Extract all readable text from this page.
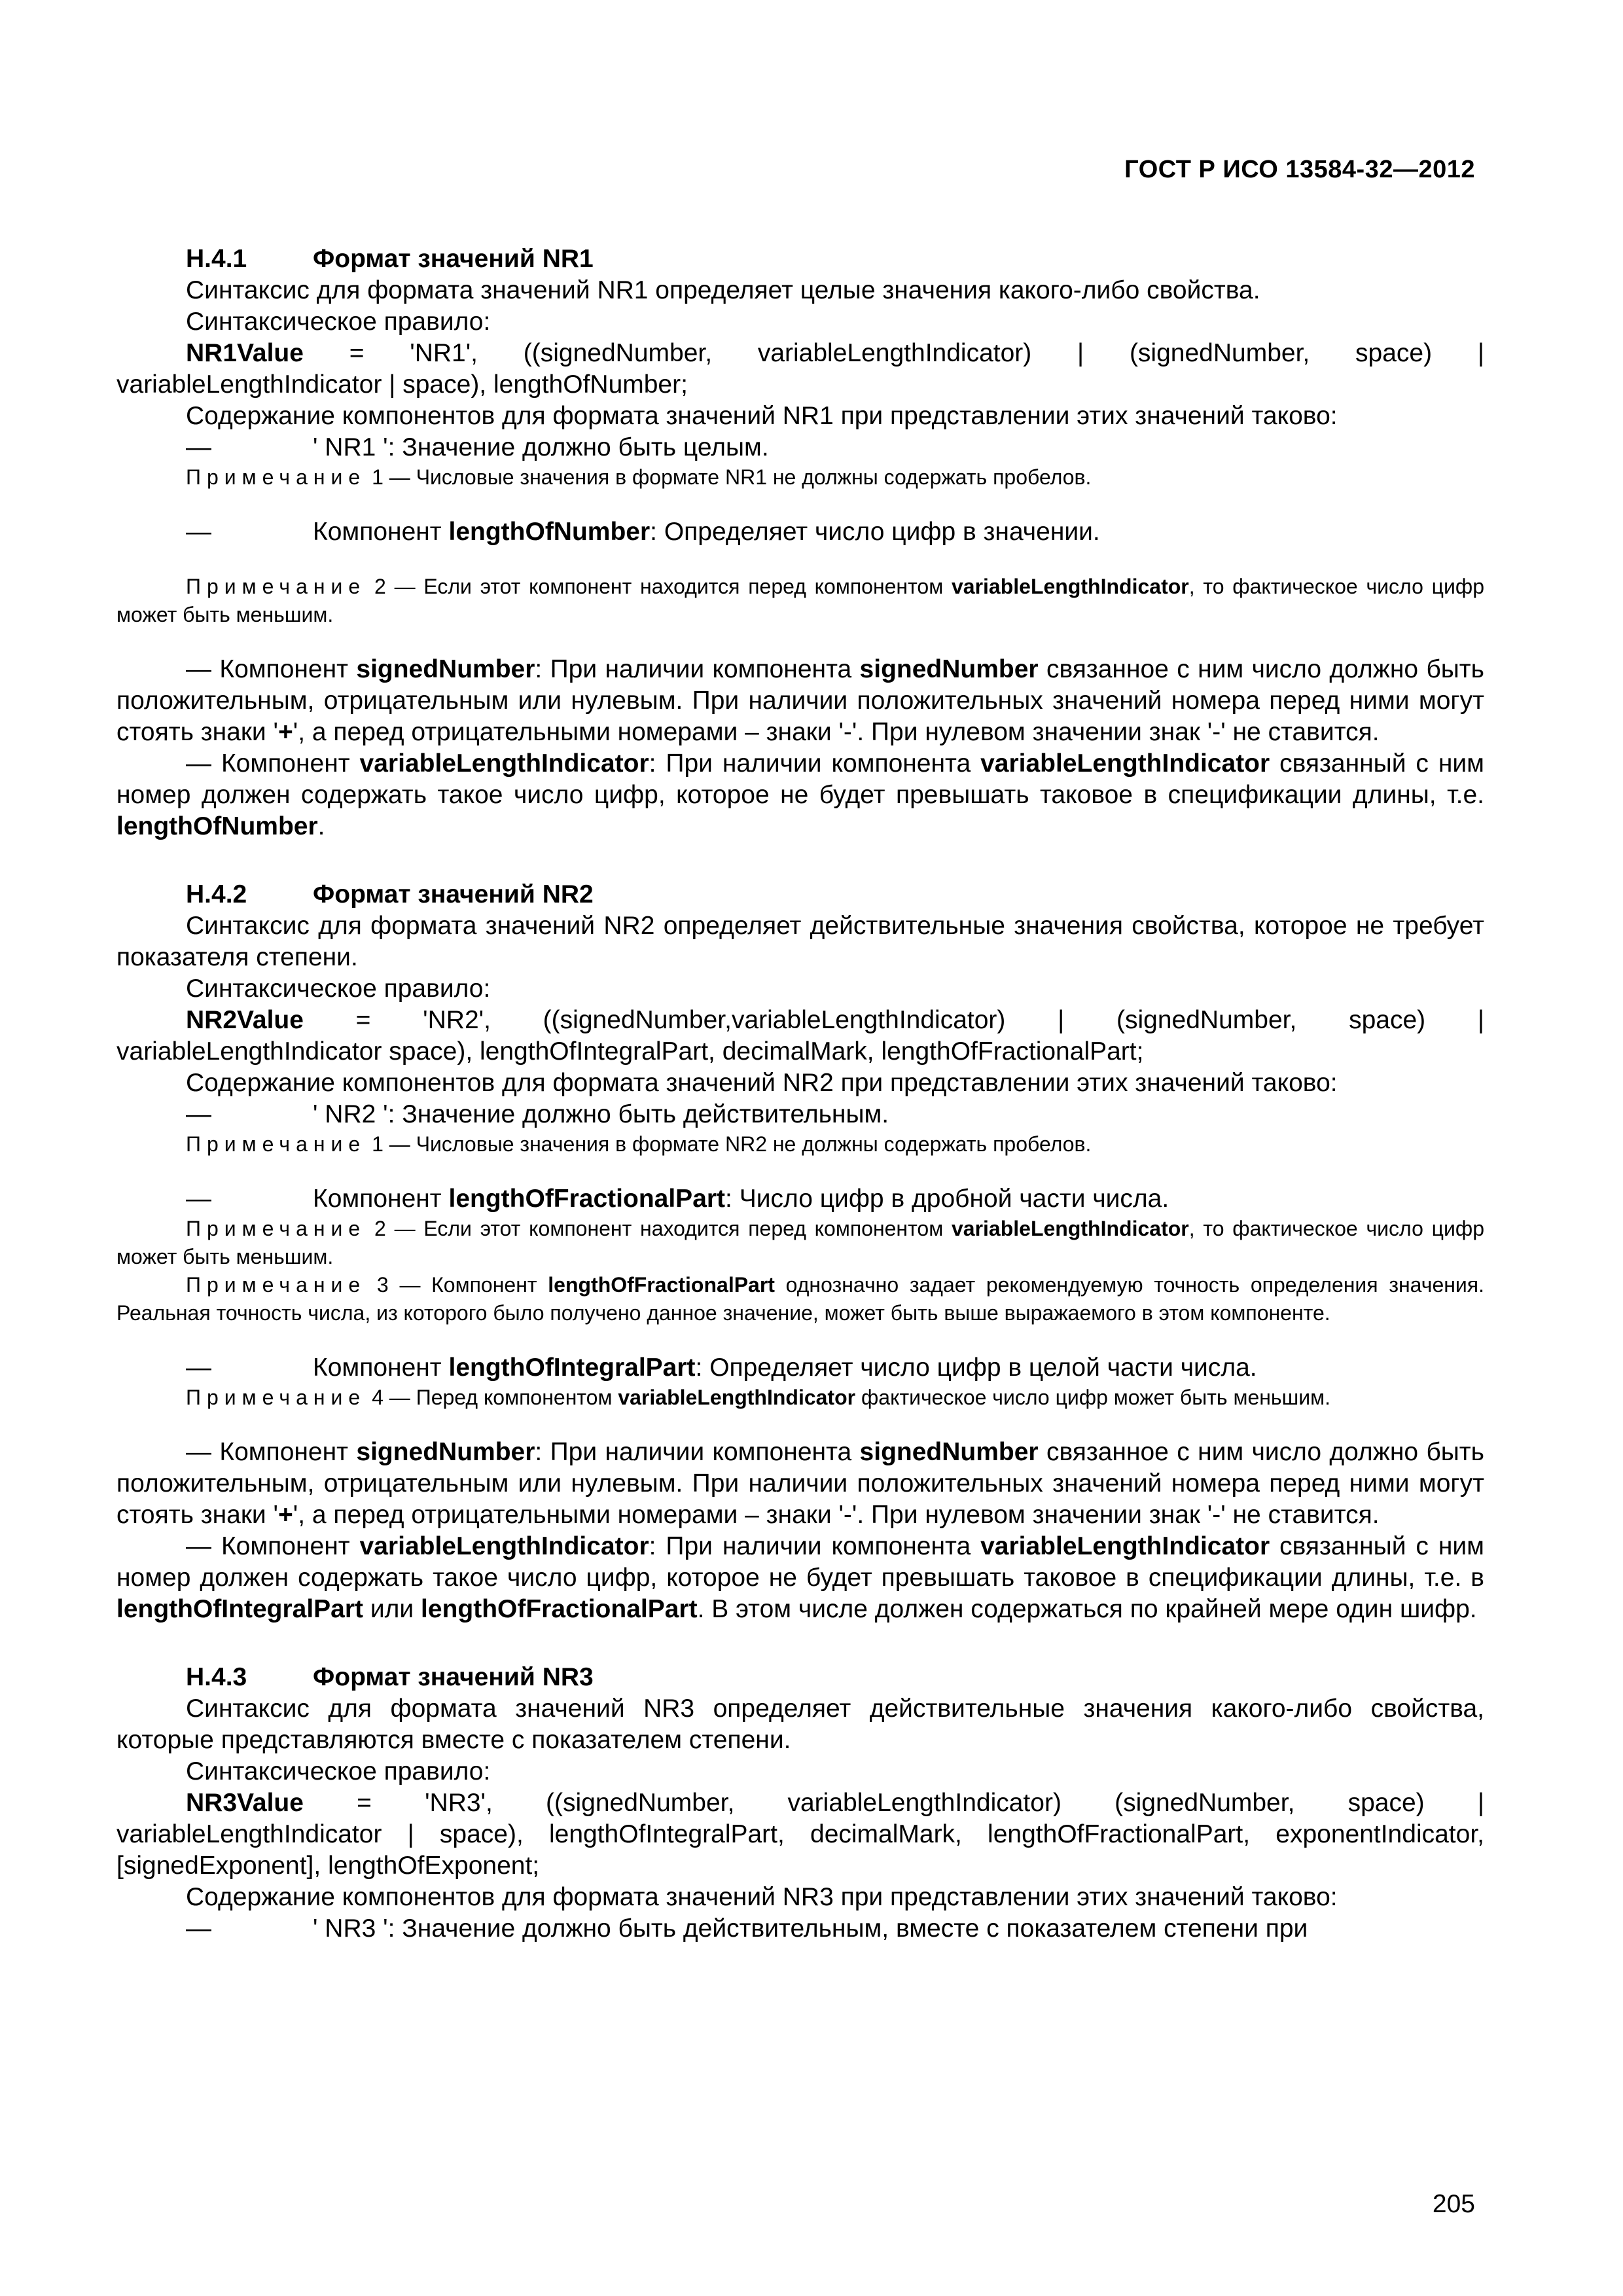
ГОСТ Р ИСО 13584-32—2012

H.4.1	Формат значений NR1

Синтаксис для формата значений NR1 определяет целые значения какого-либо свойства.

Синтаксическое правило:

NR1Value = 'NR1', ((signedNumber, variableLengthIndicator) | (signedNumber, space) |

variableLengthIndicator | space), lengthOfNumber;

Содержание компонентов для формата значений NR1 при представлении этих значений таково:

—	' NR1 ': Значение должно быть целым.

Примечание 1 — Числовые значения в формате NR1 не должны содержать пробелов.

—	Компонент lengthOfNumber: Определяет число цифр в значении.

Примечание 2 — Если этот компонент находится перед компонентом variableLengthIndicator, то фактическое число цифр может быть меньшим.

— Компонент signedNumber: При наличии компонента signedNumber связанное с ним число должно быть положительным, отрицательным или нулевым. При наличии положительных значений номера перед ними могут стоять знаки '+', а перед отрицательными номерами – знаки '-'. При нулевом значении знак '-' не ставится.

— Компонент variableLengthIndicator: При наличии компонента variableLengthIndicator связанный с ним номер должен содержать такое число цифр, которое не будет превышать таковое в спецификации длины, т.е. lengthOfNumber.

H.4.2	Формат значений NR2

Синтаксис для формата значений NR2 определяет действительные значения свойства, которое не требует показателя степени.

Синтаксическое правило:

NR2Value = 'NR2', ((signedNumber,variableLengthIndicator) | (signedNumber, space) |

variableLengthIndicator space), lengthOfIntegralPart, decimalMark, lengthOfFractionalPart;

Содержание компонентов для формата значений NR2 при представлении этих значений таково:

—	' NR2 ': Значение должно быть действительным.

Примечание 1 — Числовые значения в формате NR2 не должны содержать пробелов.

—	Компонент lengthOfFractionalPart: Число цифр в дробной части числа.

Примечание 2 — Если этот компонент находится перед компонентом variableLengthIndicator, то фактическое число цифр может быть меньшим.

Примечание 3 — Компонент lengthOfFractionalPart однозначно задает рекомендуемую точность определения значения. Реальная точность числа, из которого было получено данное значение, может быть выше выражаемого в этом компоненте.

—	Компонент lengthOfIntegralPart: Определяет число цифр в целой части числа.

Примечание 4 — Перед компонентом variableLengthIndicator фактическое число цифр может быть меньшим.

— Компонент signedNumber: При наличии компонента signedNumber связанное с ним число должно быть положительным, отрицательным или нулевым. При наличии положительных значений номера перед ними могут стоять знаки '+', а перед отрицательными номерами – знаки '-'. При нулевом значении знак '-' не ставится.

— Компонент variableLengthIndicator: При наличии компонента variableLengthIndicator связанный с ним номер должен содержать такое число цифр, которое не будет превышать таковое в спецификации длины, т.е. в lengthOfIntegralPart или lengthOfFractionalPart. В этом числе должен содержаться по крайней мере один шифр.

H.4.3	Формат значений NR3

Синтаксис для формата значений NR3 определяет действительные значения какого-либо свойства, которые представляются вместе с показателем степени.

Синтаксическое правило:

NR3Value = 'NR3', ((signedNumber, variableLengthIndicator) (signedNumber, space) |

variableLengthIndicator | space), lengthOfIntegralPart, decimalMark, lengthOfFractionalPart, exponentIndicator, [signedExponent], lengthOfExponent;

Содержание компонентов для формата значений NR3 при представлении этих значений таково:

—	' NR3 ': Значение должно быть действительным, вместе с показателем степени при

205
